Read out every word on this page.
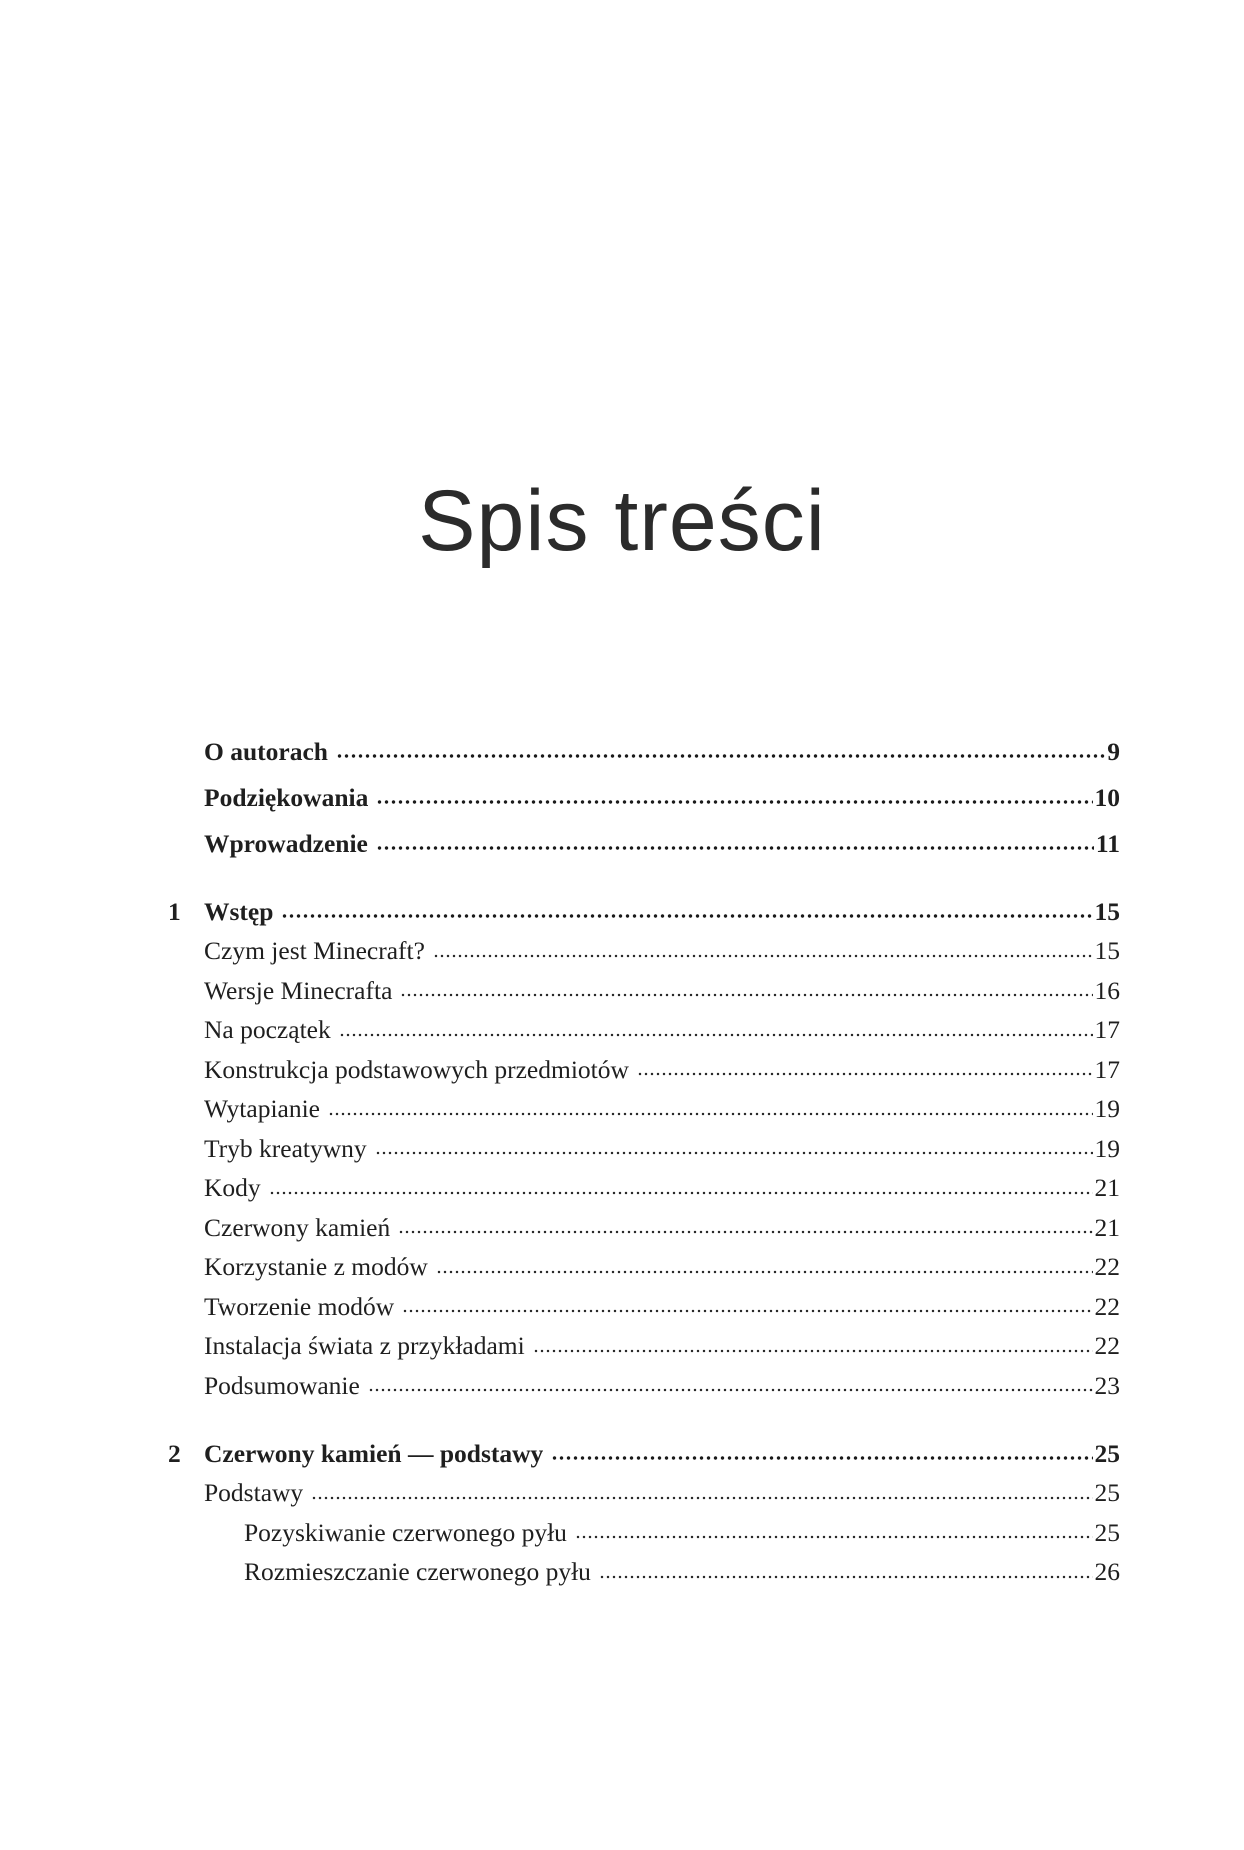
Spis treści
O autorach	9
Podziękowania	10
Wprowadzenie	11
1 Wstęp	15
Czym jest Minecraft?	15
Wersje Minecrafta	16
Na początek	17
Konstrukcja podstawowych przedmiotów	17
Wytapianie	19
Tryb kreatywny	19
Kody	21
Czerwony kamień	21
Korzystanie z modów	22
Tworzenie modów	22
Instalacja świata z przykładami	22
Podsumowanie	23
2 Czerwony kamień — podstawy	25
Podstawy	25
Pozyskiwanie czerwonego pyłu	25
Rozmieszczanie czerwonego pyłu	26
